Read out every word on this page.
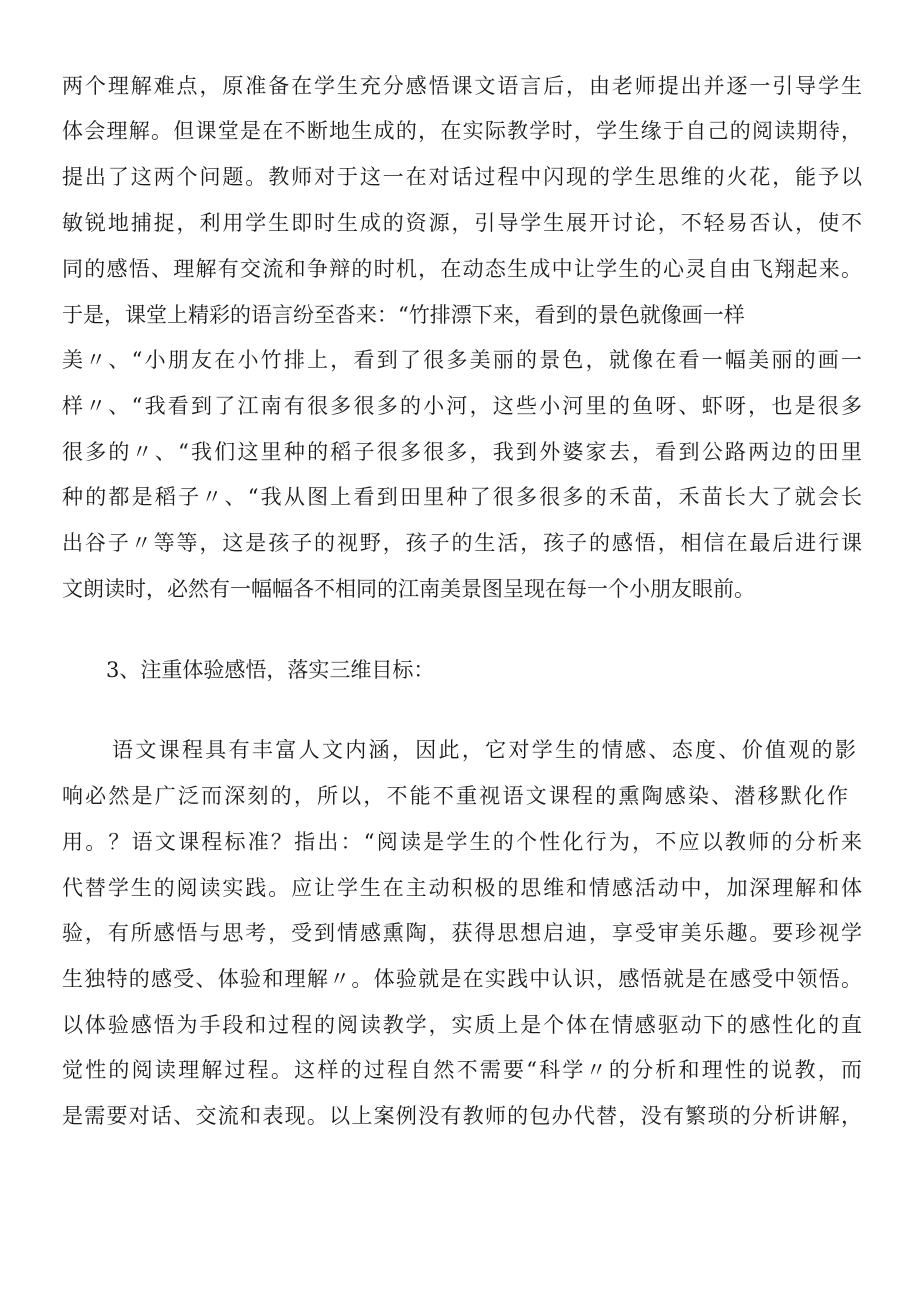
两个理解难点，原准备在学生充分感悟课文语言后，由老师提出并逐一引导学生
体会理解。但课堂是在不断地生成的，在实际教学时，学生缘于自己的阅读期待，
提出了这两个问题。教师对于这一在对话过程中闪现的学生思维的火花，能予以
敏锐地捕捉，利用学生即时生成的资源，引导学生展开讨论，不轻易否认，使不
同的感悟、理解有交流和争辩的时机，在动态生成中让学生的心灵自由飞翔起来。
于是，课堂上精彩的语言纷至沓来：“竹排漂下来，看到的景色就像画一样
美〃、“小朋友在小竹排上，看到了很多美丽的景色，就像在看一幅美丽的画一
样〃、“我看到了江南有很多很多的小河，这些小河里的鱼呀、虾呀，也是很多
很多的〃、“我们这里种的稻子很多很多，我到外婆家去，看到公路两边的田里
种的都是稻子〃、“我从图上看到田里种了很多很多的禾苗，禾苗长大了就会长
出谷子〃等等，这是孩子的视野，孩子的生活，孩子的感悟，相信在最后进行课
文朗读时，必然有一幅幅各不相同的江南美景图呈现在每一个小朋友眼前。
3、注重体验感悟，落实三维目标：
语文课程具有丰富人文内涵，因此，它对学生的情感、态度、价值观的影
响必然是广泛而深刻的，所以，不能不重视语文课程的熏陶感染、潜移默化作
用。？语文课程标准？指出：“阅读是学生的个性化行为，不应以教师的分析来
代替学生的阅读实践。应让学生在主动积极的思维和情感活动中，加深理解和体
验，有所感悟与思考，受到情感熏陶，获得思想启迪，享受审美乐趣。要珍视学
生独特的感受、体验和理解〃。体验就是在实践中认识，感悟就是在感受中领悟。
以体验感悟为手段和过程的阅读教学，实质上是个体在情感驱动下的感性化的直
觉性的阅读理解过程。这样的过程自然不需要“科学〃的分析和理性的说教，而
是需要对话、交流和表现。以上案例没有教师的包办代替，没有繁琐的分析讲解，
